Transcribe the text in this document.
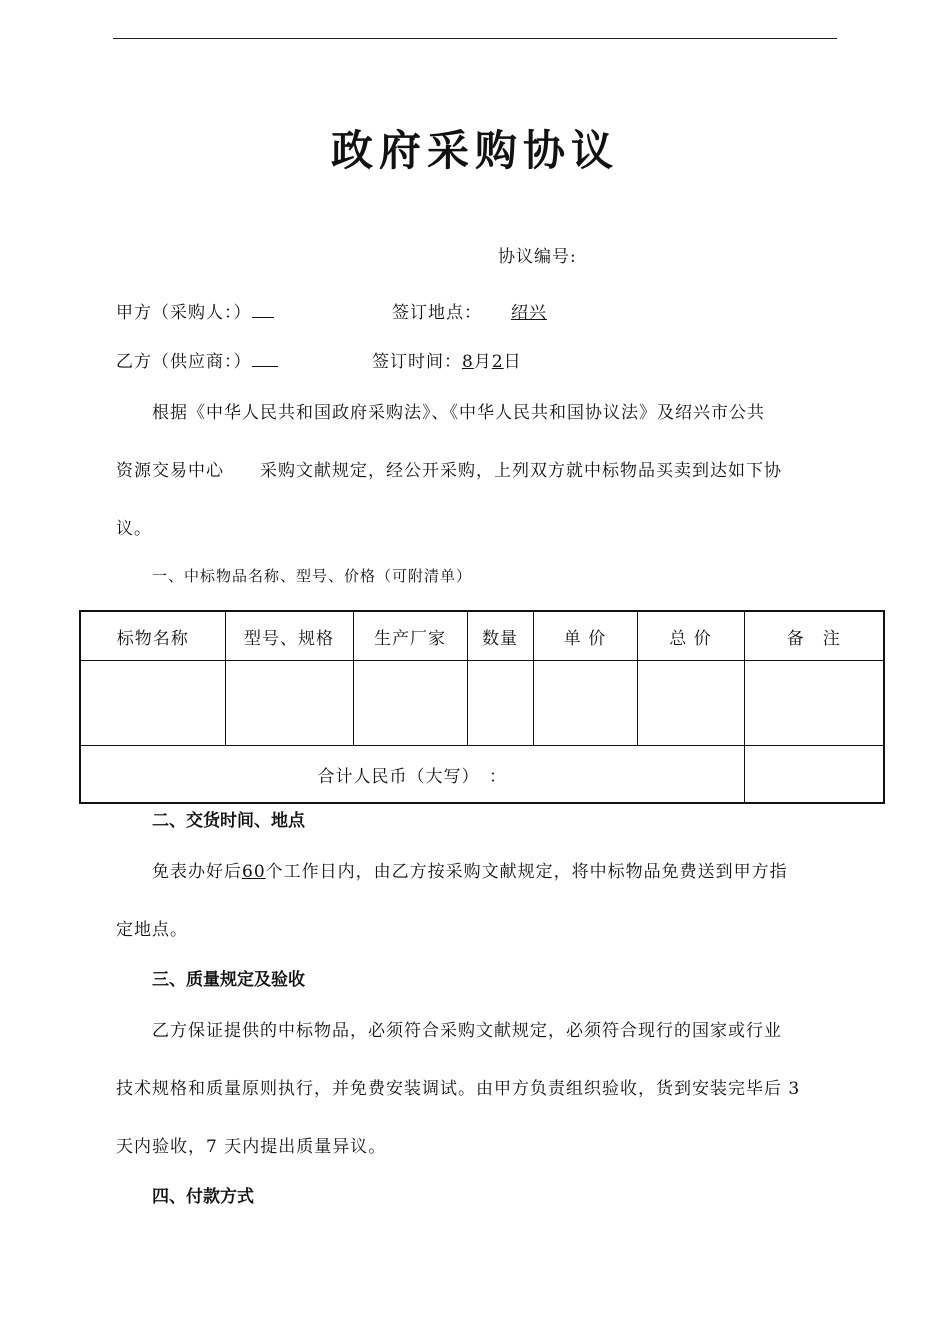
政府采购协议
协议编号:
甲方（采购人：）	签订地点： 绍兴
乙方（供应商：）	签订时间：8月2日
根据《中华人民共和国政府采购法》、《中华人民共和国协议法》及绍兴市公共
资源交易中心　　采购文献规定，经公开采购，上列双方就中标物品买卖到达如下协
议。
一、中标物品名称、型号、价格（可附清单）
标物名称	型号、规格	生产厂家	数量	单 价	总 价	备　注

合计人民币（大写）　：						
二、交货时间、地点
免表办好后60个工作日内，由乙方按采购文献规定，将中标物品免费送到甲方指
定地点。
三、质量规定及验收
乙方保证提供的中标物品，必须符合采购文献规定，必须符合现行的国家或行业
技术规格和质量原则执行，并免费安装调试。由甲方负责组织验收，货到安装完毕后 3
天内验收，7 天内提出质量异议。
四、付款方式
